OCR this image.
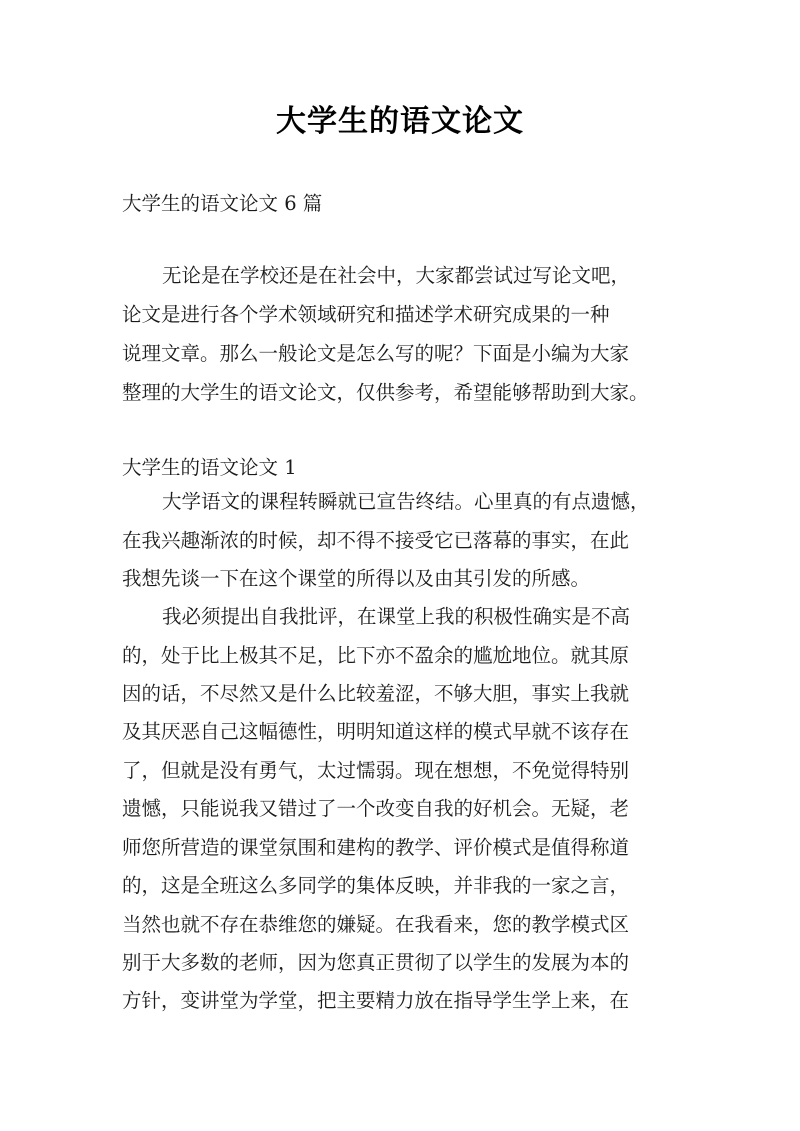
大学生的语文论文
大学生的语文论文 6 篇
无论是在学校还是在社会中，大家都尝试过写论文吧，
论文是进行各个学术领域研究和描述学术研究成果的一种
说理文章。那么一般论文是怎么写的呢？下面是小编为大家
整理的大学生的语文论文，仅供参考，希望能够帮助到大家。
大学生的语文论文 1
大学语文的课程转瞬就已宣告终结。心里真的有点遗憾，
在我兴趣渐浓的时候，却不得不接受它已落幕的事实，在此
我想先谈一下在这个课堂的所得以及由其引发的所感。
我必须提出自我批评，在课堂上我的积极性确实是不高
的，处于比上极其不足，比下亦不盈余的尴尬地位。就其原
因的话，不尽然又是什么比较羞涩，不够大胆，事实上我就
及其厌恶自己这幅德性，明明知道这样的模式早就不该存在
了，但就是没有勇气，太过懦弱。现在想想，不免觉得特别
遗憾，只能说我又错过了一个改变自我的好机会。无疑，老
师您所营造的课堂氛围和建构的教学、评价模式是值得称道
的，这是全班这么多同学的集体反映，并非我的一家之言，
当然也就不存在恭维您的嫌疑。在我看来，您的教学模式区
别于大多数的老师，因为您真正贯彻了以学生的发展为本的
方针，变讲堂为学堂，把主要精力放在指导学生学上来，在
